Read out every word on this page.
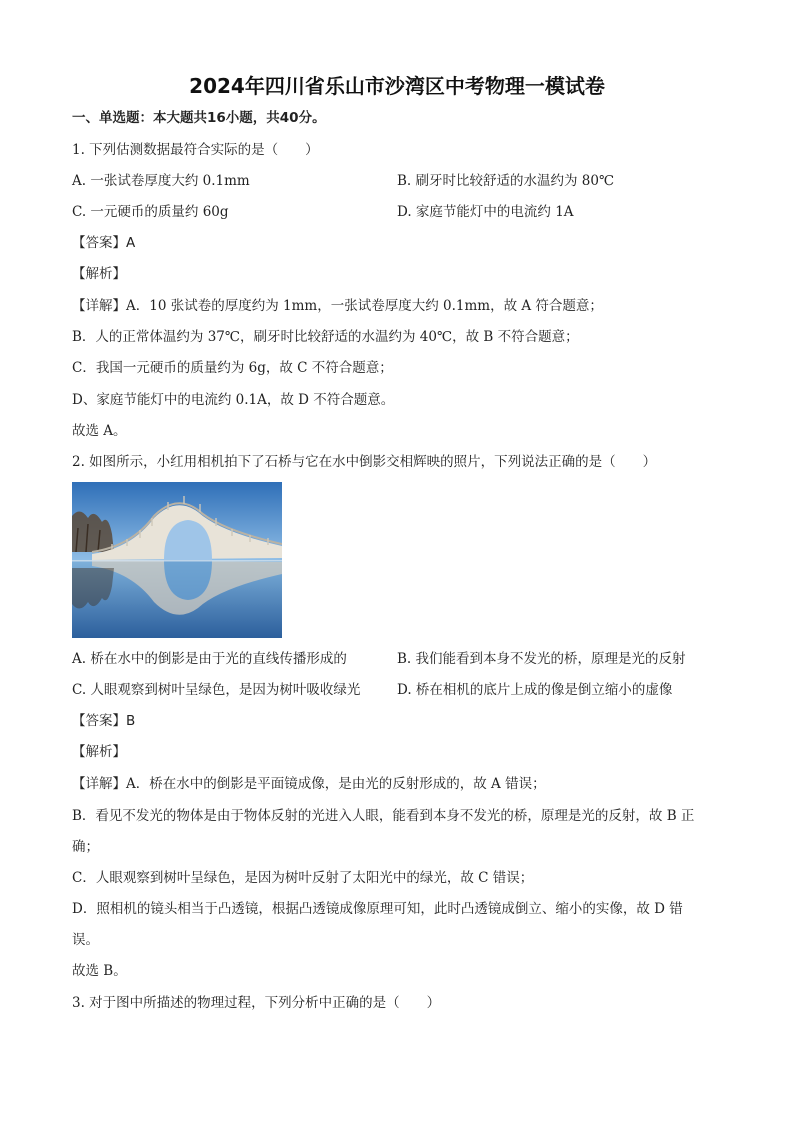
2024年四川省乐山市沙湾区中考物理一模试卷
一、单选题：本大题共16小题，共40分。
1. 下列估测数据最符合实际的是（　　）
A. 一张试卷厚度大约 0.1mm	B. 刷牙时比较舒适的水温约为 80℃
C. 一元硬币的质量约 60g	D. 家庭节能灯中的电流约 1A
【答案】A
【解析】
【详解】A．10 张试卷的厚度约为 1mm，一张试卷厚度大约 0.1mm，故 A 符合题意；
B．人的正常体温约为 37℃，刷牙时比较舒适的水温约为 40℃，故 B 不符合题意；
C．我国一元硬币的质量约为 6g，故 C 不符合题意；
D、家庭节能灯中的电流约 0.1A，故 D 不符合题意。
故选 A。
2. 如图所示，小红用相机拍下了石桥与它在水中倒影交相辉映的照片，下列说法正确的是（　　）
A. 桥在水中的倒影是由于光的直线传播形成的	B. 我们能看到本身不发光的桥，原理是光的反射
C. 人眼观察到树叶呈绿色，是因为树叶吸收绿光	D. 桥在相机的底片上成的像是倒立缩小的虚像
【答案】B
【解析】
【详解】A．桥在水中的倒影是平面镜成像，是由光的反射形成的，故 A 错误；
B．看见不发光的物体是由于物体反射的光进入人眼，能看到本身不发光的桥，原理是光的反射，故 B 正
确；
C．人眼观察到树叶呈绿色，是因为树叶反射了太阳光中的绿光，故 C 错误；
D．照相机的镜头相当于凸透镜，根据凸透镜成像原理可知，此时凸透镜成倒立、缩小的实像，故 D 错
误。
故选 B。
3. 对于图中所描述的物理过程，下列分析中正确的是（　　）
